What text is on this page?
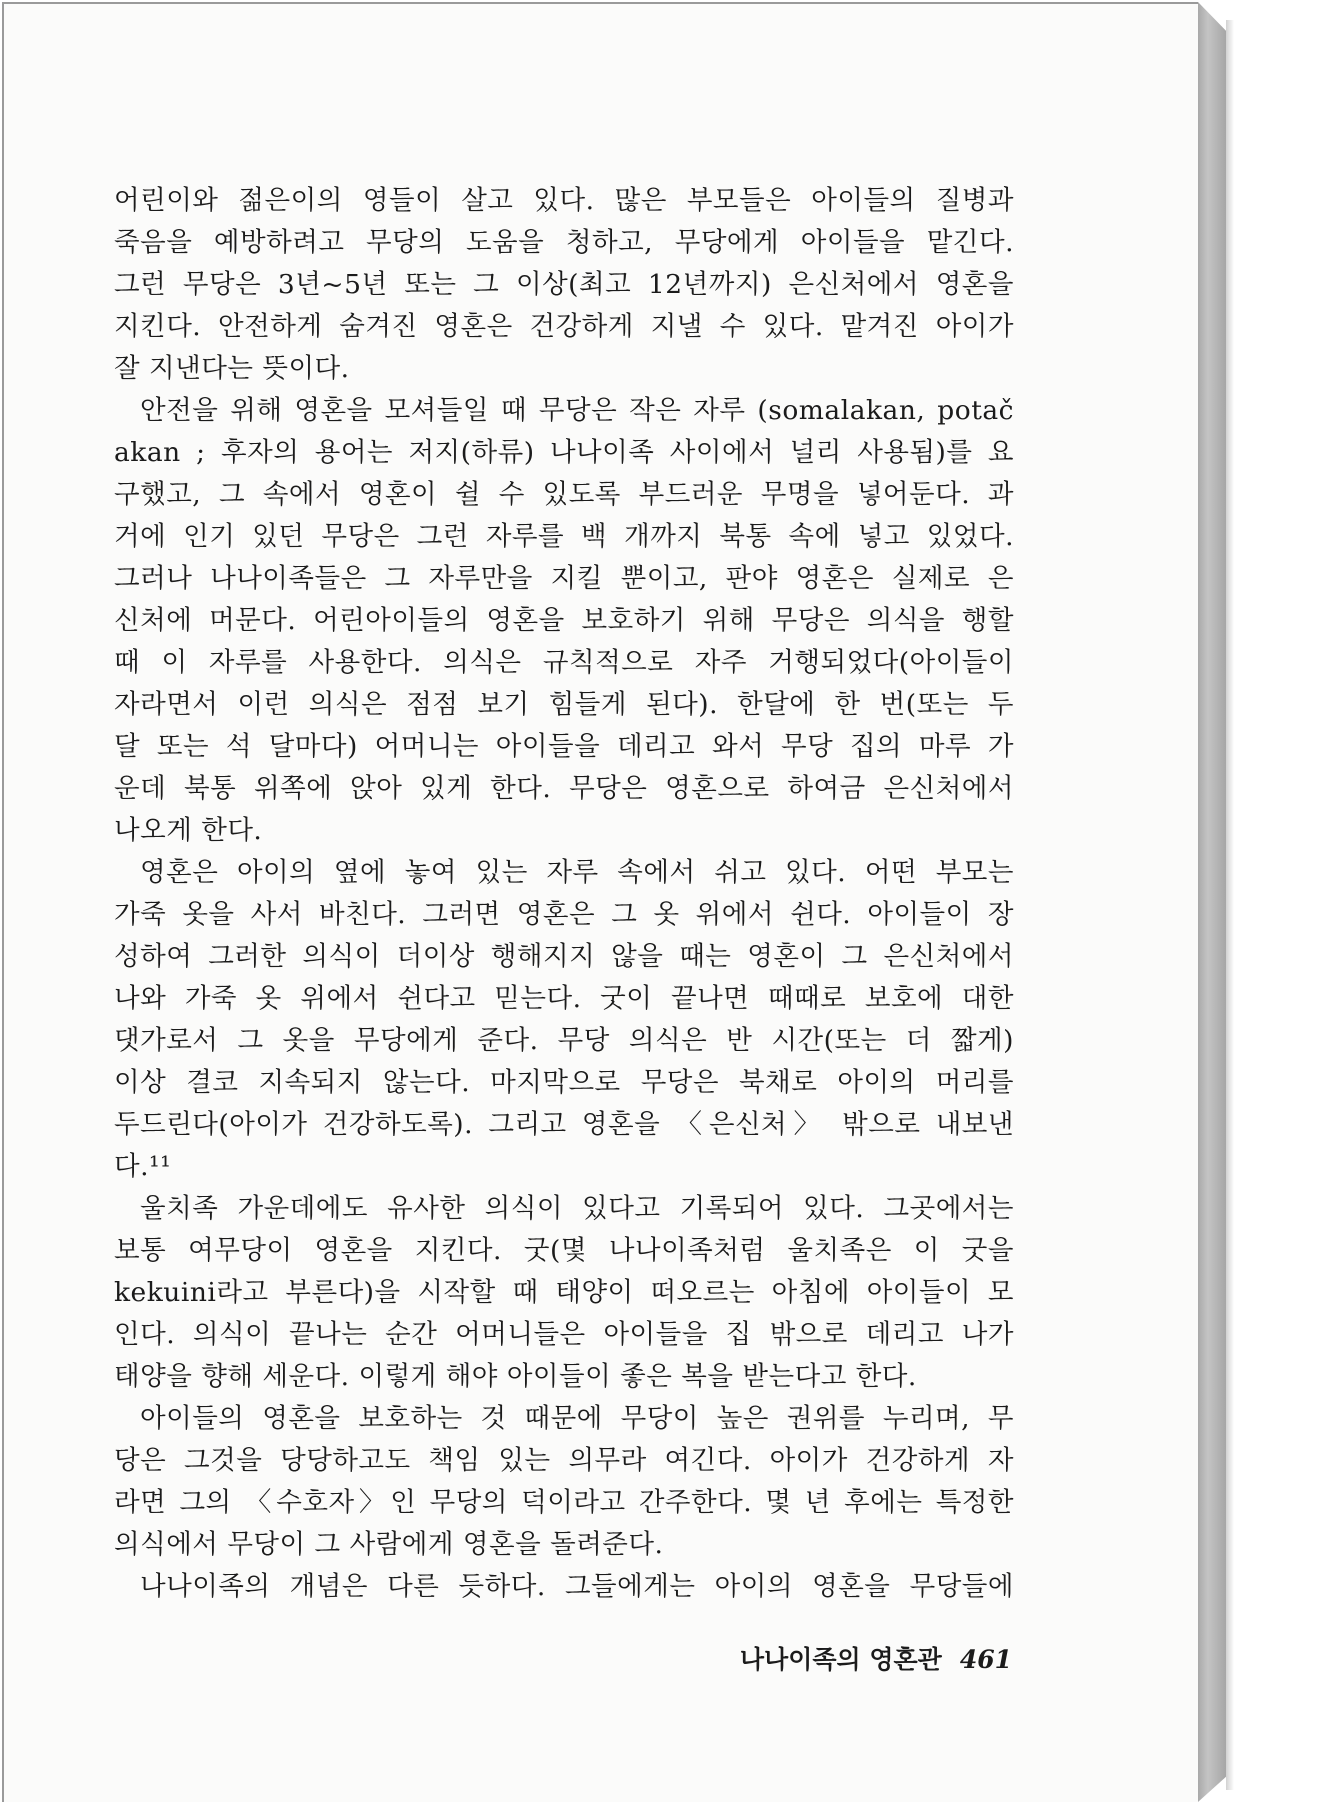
어린이와 젊은이의 영들이 살고 있다. 많은 부모들은 아이들의 질병과
죽음을 예방하려고 무당의 도움을 청하고, 무당에게 아이들을 맡긴다.
그런 무당은 3년~5년 또는 그 이상(최고 12년까지) 은신처에서 영혼을
지킨다. 안전하게 숨겨진 영혼은 건강하게 지낼 수 있다. 맡겨진 아이가
잘 지낸다는 뜻이다.
안전을 위해 영혼을 모셔들일 때 무당은 작은 자루 (somalakan, potač
akan ; 후자의 용어는 저지(하류) 나나이족 사이에서 널리 사용됨)를 요
구했고, 그 속에서 영혼이 쉴 수 있도록 부드러운 무명을 넣어둔다. 과
거에 인기 있던 무당은 그런 자루를 백 개까지 북통 속에 넣고 있었다.
그러나 나나이족들은 그 자루만을 지킬 뿐이고, 판야 영혼은 실제로 은
신처에 머문다. 어린아이들의 영혼을 보호하기 위해 무당은 의식을 행할
때 이 자루를 사용한다. 의식은 규칙적으로 자주 거행되었다(아이들이
자라면서 이런 의식은 점점 보기 힘들게 된다). 한달에 한 번(또는 두
달 또는 석 달마다) 어머니는 아이들을 데리고 와서 무당 집의 마루 가
운데 북통 위쪽에 앉아 있게 한다. 무당은 영혼으로 하여금 은신처에서
나오게 한다.
영혼은 아이의 옆에 놓여 있는 자루 속에서 쉬고 있다. 어떤 부모는
가죽 옷을 사서 바친다. 그러면 영혼은 그 옷 위에서 쉰다. 아이들이 장
성하여 그러한 의식이 더이상 행해지지 않을 때는 영혼이 그 은신처에서
나와 가죽 옷 위에서 쉰다고 믿는다. 굿이 끝나면 때때로 보호에 대한
댓가로서 그 옷을 무당에게 준다. 무당 의식은 반 시간(또는 더 짧게)
이상 결코 지속되지 않는다. 마지막으로 무당은 북채로 아이의 머리를
두드린다(아이가 건강하도록). 그리고 영혼을 〈은신처〉 밖으로 내보낸
다.¹¹
울치족 가운데에도 유사한 의식이 있다고 기록되어 있다. 그곳에서는
보통 여무당이 영혼을 지킨다. 굿(몇 나나이족처럼 울치족은 이 굿을
kekuini라고 부른다)을 시작할 때 태양이 떠오르는 아침에 아이들이 모
인다. 의식이 끝나는 순간 어머니들은 아이들을 집 밖으로 데리고 나가
태양을 향해 세운다. 이렇게 해야 아이들이 좋은 복을 받는다고 한다.
아이들의 영혼을 보호하는 것 때문에 무당이 높은 권위를 누리며, 무
당은 그것을 당당하고도 책임 있는 의무라 여긴다. 아이가 건강하게 자
라면 그의 〈수호자〉인 무당의 덕이라고 간주한다. 몇 년 후에는 특정한
의식에서 무당이 그 사람에게 영혼을 돌려준다.
나나이족의 개념은 다른 듯하다. 그들에게는 아이의 영혼을 무당들에
나나이족의 영혼관 461
